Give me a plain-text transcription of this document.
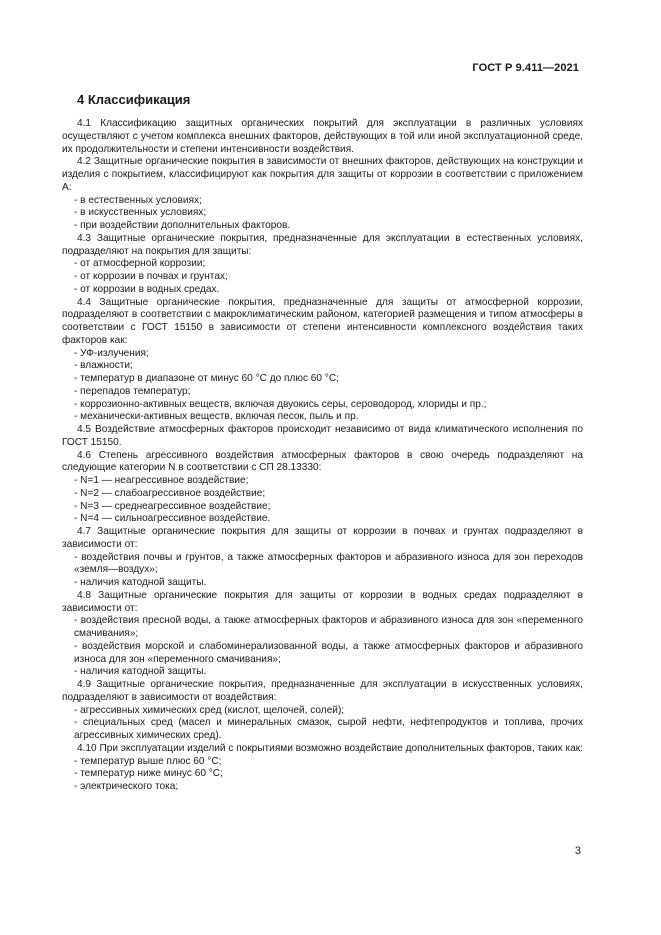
ГОСТ Р 9.411—2021
4 Классификация

4.1 Классификацию защитных органических покрытий для эксплуатации в различных условиях осуществляют с учетом комплекса внешних факторов, действующих в той или иной эксплуатационной среде, их продолжительности и степени интенсивности воздействия.

4.2 Защитные органические покрытия в зависимости от внешних факторов, действующих на конструкции и изделия с покрытием, классифицируют как покрытия для защиты от коррозии в соответствии с приложением А:

- в естественных условиях;

- в искусственных условиях;

- при воздействии дополнительных факторов.

4.3 Защитные органические покрытия, предназначенные для эксплуатации в естественных условиях, подразделяют на покрытия для защиты:

- от атмосферной коррозии;

- от коррозии в почвах и грунтах;

- от коррозии в водных средах.

4.4 Защитные органические покрытия, предназначенные для защиты от атмосферной коррозии, подразделяют в соответствии с макроклиматическим районом, категорией размещения и типом атмосферы в соответствии с ГОСТ 15150 в зависимости от степени интенсивности комплексного воздействия таких факторов как:

- УФ-излучения;

- влажности;

- температур в диапазоне от минус 60 °С до плюс 60 °С;

- перепадов температур;

- коррозионно-активных веществ, включая двуокись серы, сероводород, хлориды и пр.;

- механически-активных веществ, включая песок, пыль и пр.

4.5 Воздействие атмосферных факторов происходит независимо от вида климатического исполнения по ГОСТ 15150.

4.6 Степень агрессивного воздействия атмосферных факторов в свою очередь подразделяют на следующие категории N в соответствии с СП 28.13330:

- N=1 — неагрессивное воздействие;

- N=2 — слабоагрессивное воздействие;

- N=3 — среднеагрессивное воздействие;

- N=4 — сильноагрессивное воздействие.

4.7 Защитные органические покрытия для защиты от коррозии в почвах и грунтах подразделяют в зависимости от:

- воздействия почвы и грунтов, а также атмосферных факторов и абразивного износа для зон переходов «земля—воздух»;

- наличия катодной защиты.

4.8 Защитные органические покрытия для защиты от коррозии в водных средах подразделяют в зависимости от:

- воздействия пресной воды, а также атмосферных факторов и абразивного износа для зон «переменного смачивания»;

- воздействия морской и слабоминерализованной воды, а также атмосферных факторов и абразивного износа для зон «переменного смачивания»;

- наличия катодной защиты.

4.9 Защитные органические покрытия, предназначенные для эксплуатации в искусственных условиях, подразделяют в зависимости от воздействия:

- агрессивных химических сред (кислот, щелочей, солей);

- специальных сред (масел и минеральных смазок, сырой нефти, нефтепродуктов и топлива, прочих агрессивных химических сред).

4.10 При эксплуатации изделий с покрытиями возможно воздействие дополнительных факторов, таких как:

- температур выше плюс 60 °С;

- температур ниже минус 60 °С;

- электрического тока;

3
